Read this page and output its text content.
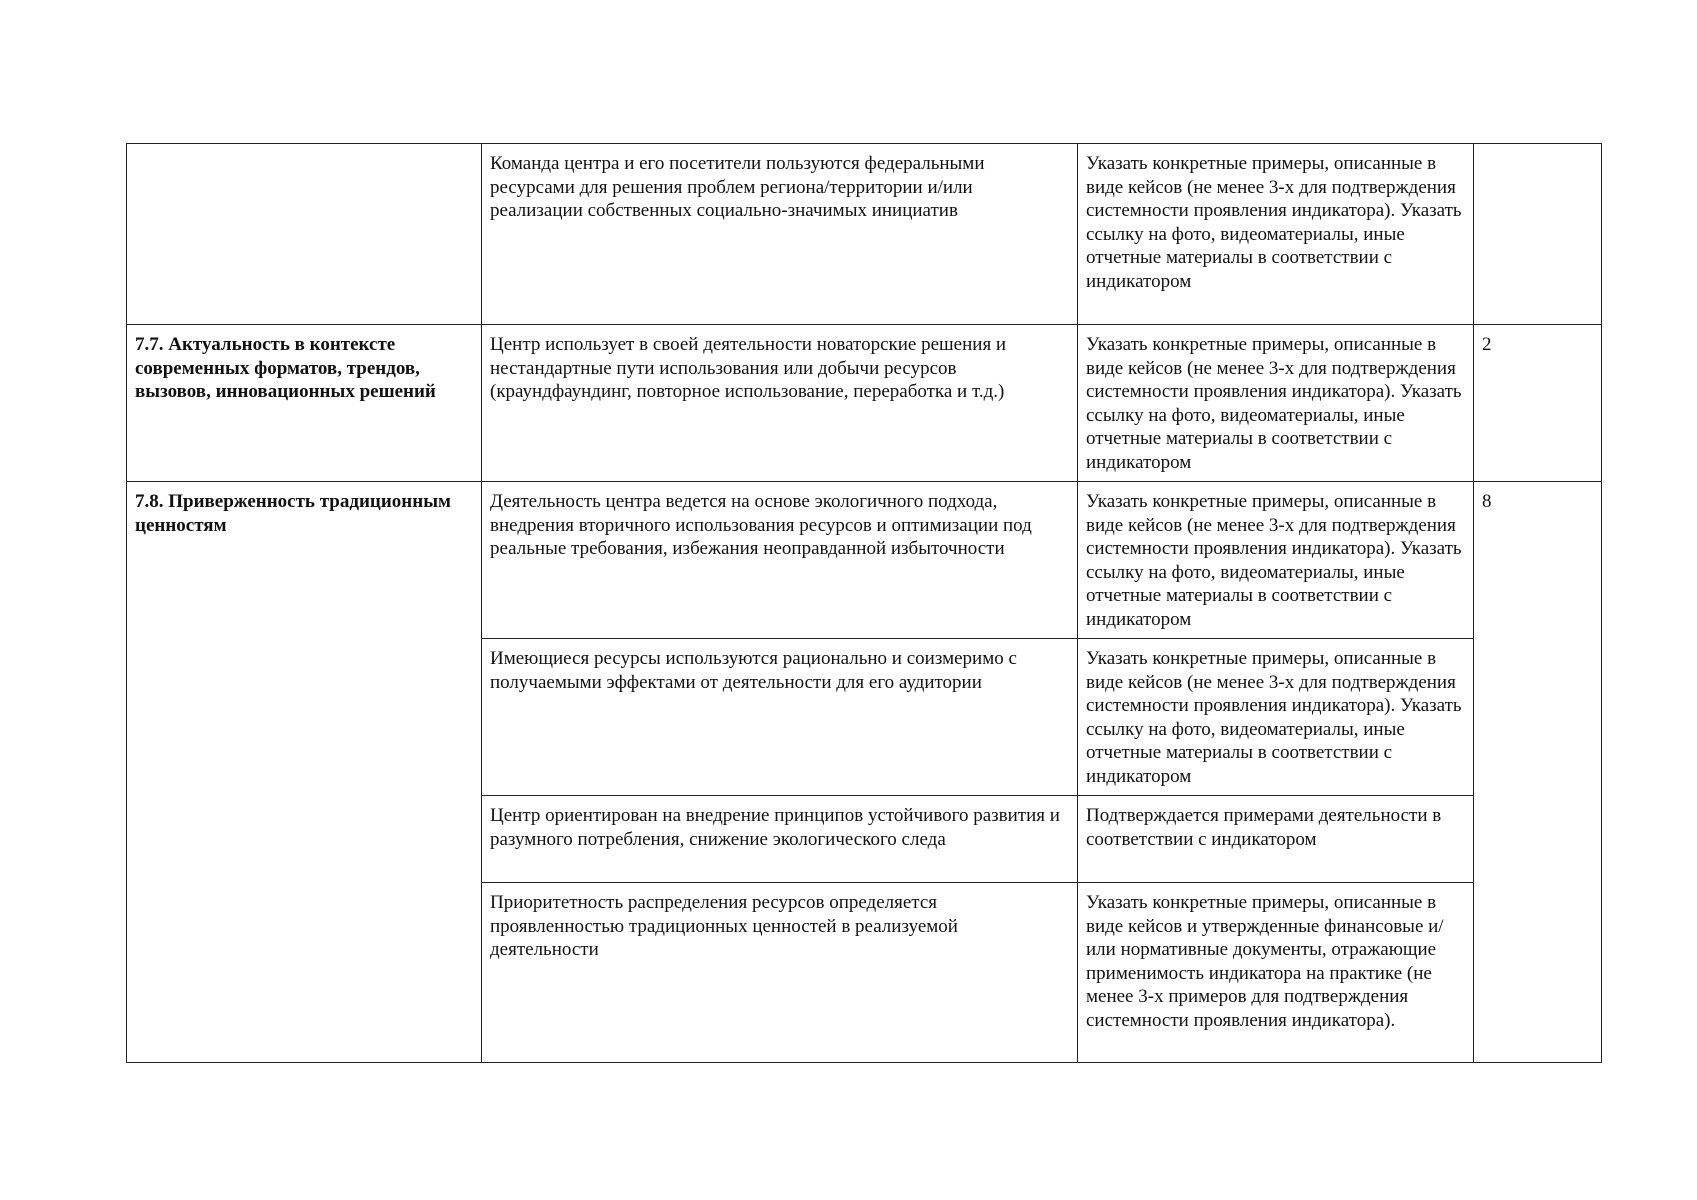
	Команда центра и его посетители пользуются федеральными ресурсами для решения проблем региона/территории и/или реализации собственных социально-значимых инициатив	Указать конкретные примеры, описанные в виде кейсов (не менее 3-х для подтверждения системности проявления индикатора). Указать ссылку на фото, видеоматериалы, иные отчетные материалы в соответствии с индикатором	
7.7. Актуальность в контексте современных форматов, трендов, вызовов, инновационных решений	Центр использует в своей деятельности новаторские решения и нестандартные пути использования или добычи ресурсов (краундфаундинг, повторное использование, переработка и т.д.)	Указать конкретные примеры, описанные в виде кейсов (не менее 3-х для подтверждения системности проявления индикатора). Указать ссылку на фото, видеоматериалы, иные отчетные материалы в соответствии с индикатором	2
7.8. Приверженность традиционным ценностям	Деятельность центра ведется на основе экологичного подхода, внедрения вторичного использования ресурсов и оптимизации под реальные требования, избежания неоправданной избыточности	Указать конкретные примеры, описанные в виде кейсов (не менее 3-х для подтверждения системности проявления индикатора). Указать ссылку на фото, видеоматериалы, иные отчетные материалы в соответствии с индикатором	8
	Имеющиеся ресурсы используются рационально и соизмеримо с получаемыми эффектами от деятельности для его аудитории	Указать конкретные примеры, описанные в виде кейсов (не менее 3-х для подтверждения системности проявления индикатора). Указать ссылку на фото, видеоматериалы, иные отчетные материалы в соответствии с индикатором	
	Центр ориентирован на внедрение принципов устойчивого развития и разумного потребления, снижение экологического следа	Подтверждается примерами деятельности в соответствии с индикатором	
	Приоритетность распределения ресурсов определяется проявленностью традиционных ценностей в реализуемой деятельности	Указать конкретные примеры, описанные в виде кейсов и утвержденные финансовые и/или нормативные документы, отражающие применимость индикатора на практике (не менее 3-х примеров для подтверждения системности проявления индикатора).	
